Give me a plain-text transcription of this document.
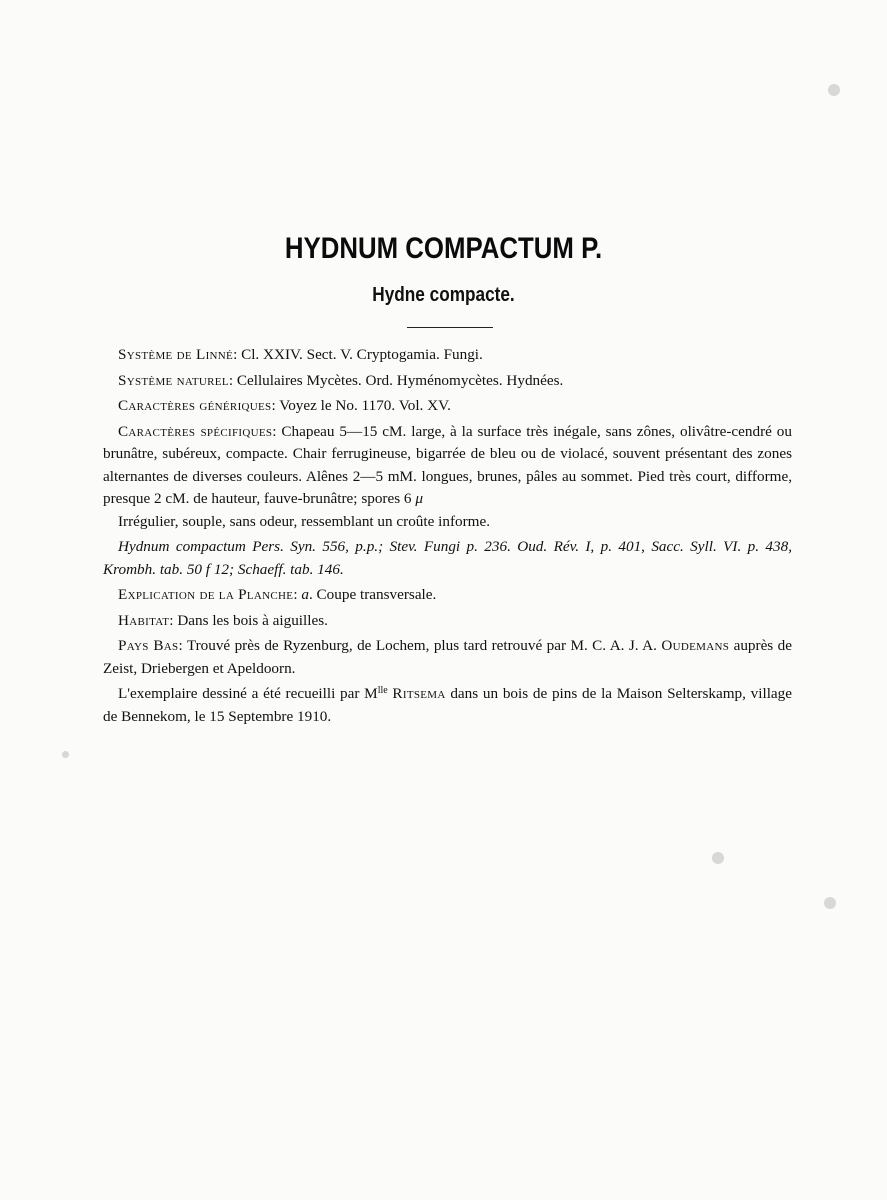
HYDNUM COMPACTUM P.
Hydne compacte.

Système de Linné: Cl. XXIV. Sect. V. Cryptogamia. Fungi.

Système naturel: Cellulaires Mycètes. Ord. Hyménomycètes. Hydnées.

Caractères génériques: Voyez le No. 1170. Vol. XV.

Caractères spécifiques: Chapeau 5—15 cM. large, à la surface très inégale, sans zônes, olivâtre-cendré ou brunâtre, subéreux, compacte. Chair ferrugineuse, bigarrée de bleu ou de violacé, souvent présentant des zones alternantes de diverses couleurs. Alênes 2—5 mM. longues, brunes, pâles au sommet. Pied très court, difforme, presque 2 cM. de hauteur, fauve-brunâtre; spores 6 μ

Irrégulier, souple, sans odeur, ressemblant un croûte informe.

Hydnum compactum Pers. Syn. 556, p.p.; Stev. Fungi p. 236. Oud. Rév. I, p. 401, Sacc. Syll. VI. p. 438, Krombh. tab. 50 f 12; Schaeff. tab. 146.

Explication de la Planche: a. Coupe transversale.

Habitat: Dans les bois à aiguilles.

Pays Bas: Trouvé près de Ryzenburg, de Lochem, plus tard retrouvé par M. C. A. J. A. Oudemans auprès de Zeist, Driebergen et Apeldoorn.

L'exemplaire dessiné a été recueilli par $M^{lle}$ Ritsema dans un bois de pins de la Maison Selterskamp, village de Bennekom, le 15 Septembre 1910.
